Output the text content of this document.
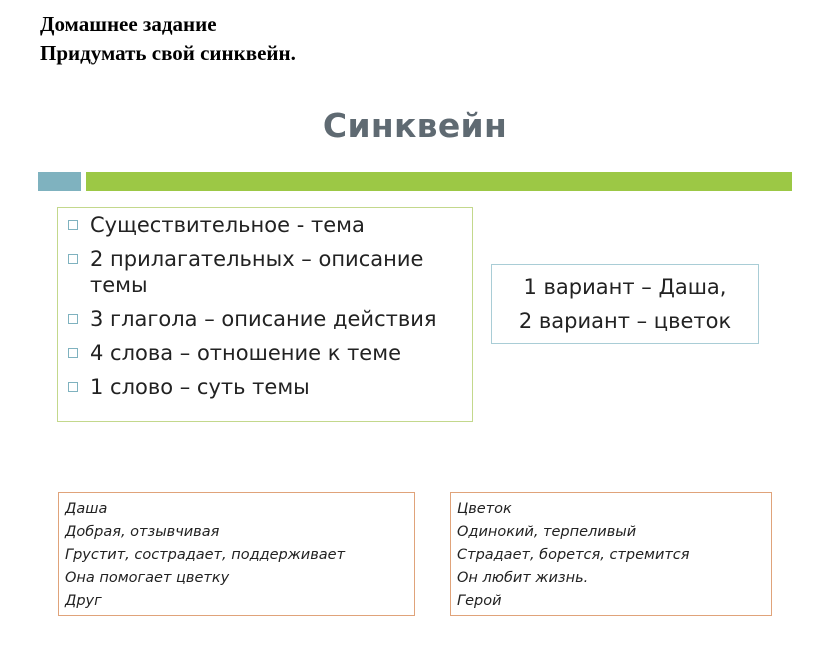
Домашнее задание
Придумать свой синквейн.
Синквейн
Существительное - тема
2 прилагательных – описание темы
3 глагола – описание действия
4 слова – отношение к теме
1 слово – суть темы
1 вариант – Даша,
2 вариант – цветок
Даша
Добрая, отзывчивая
Грустит, сострадает, поддерживает
Она помогает цветку
Друг
Цветок
Одинокий, терпеливый
Страдает, борется, стремится
Он любит жизнь.
Герой
